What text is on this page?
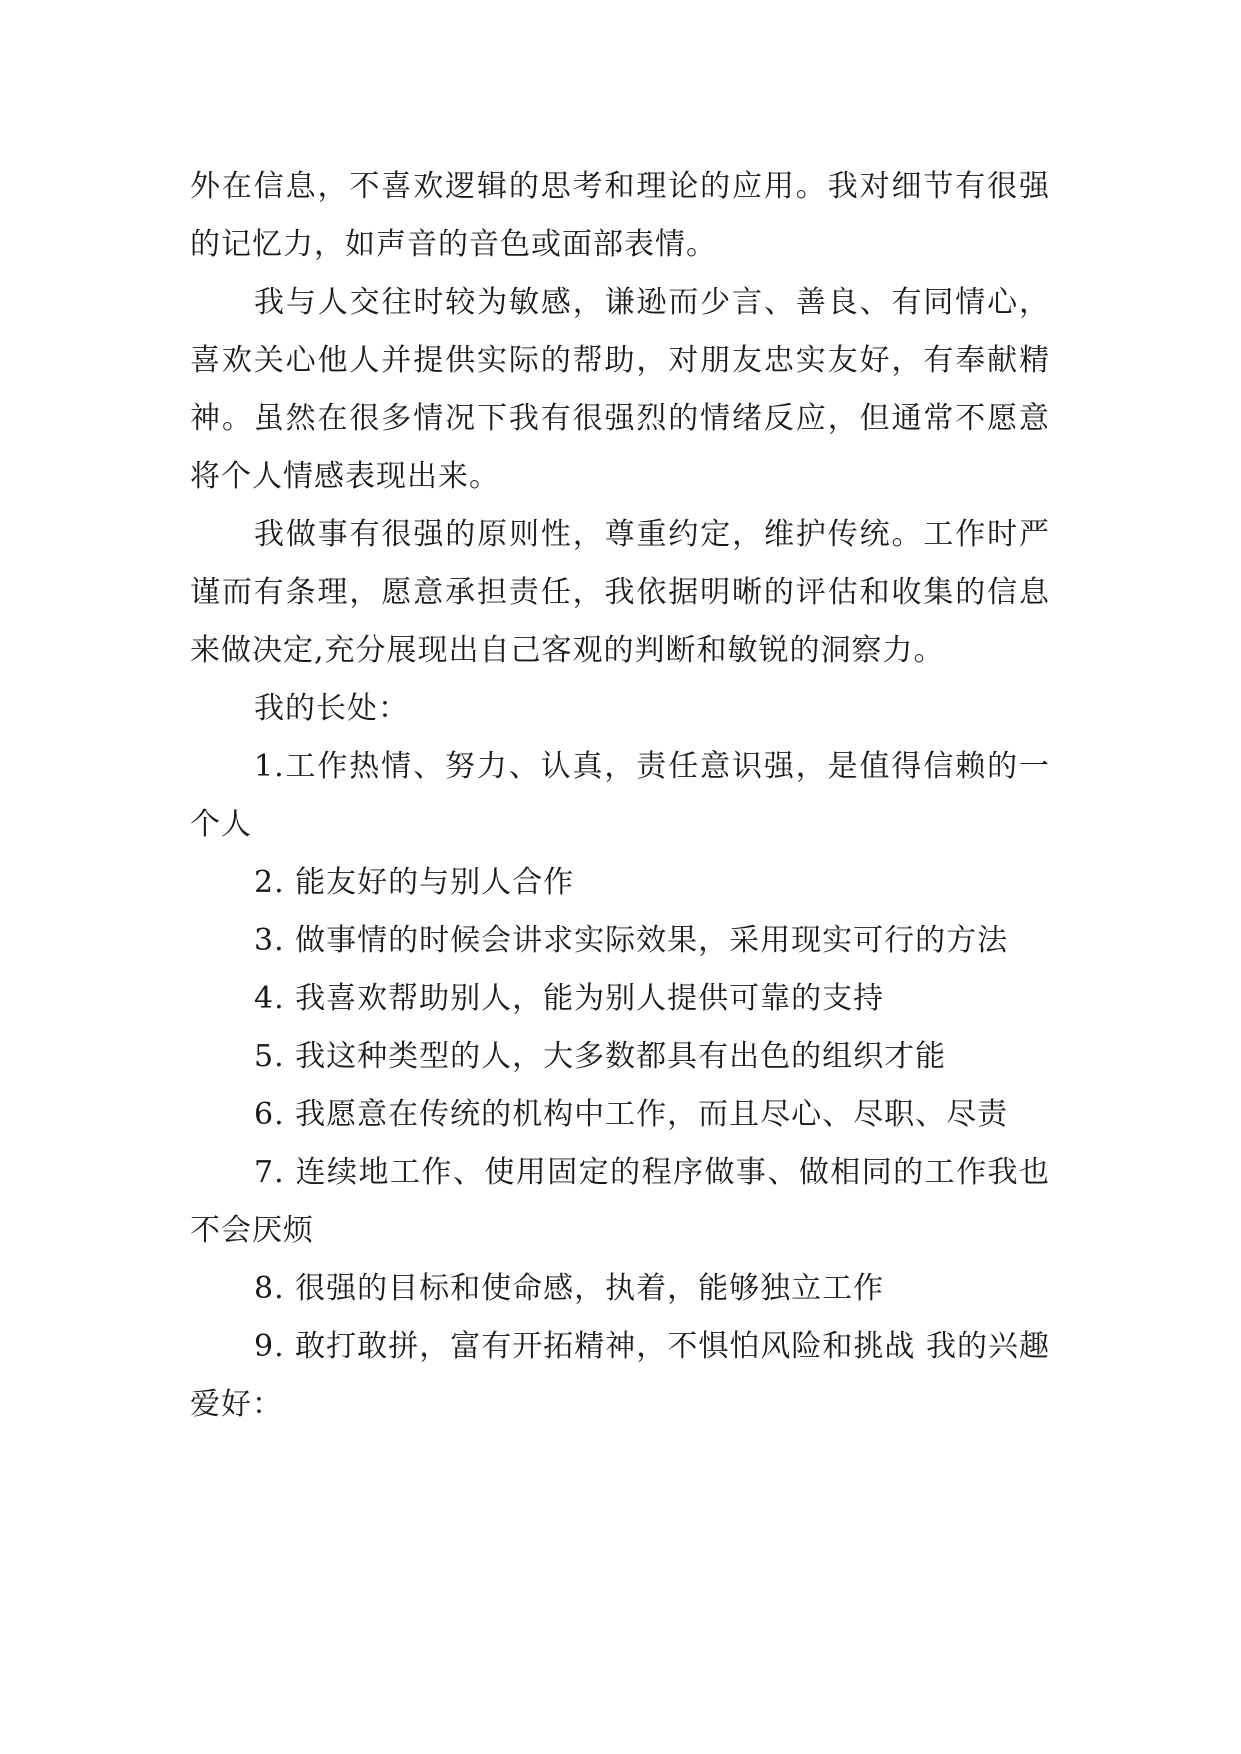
外在信息，不喜欢逻辑的思考和理论的应用。我对细节有很强的记忆力，如声音的音色或面部表情。

我与人交往时较为敏感，谦逊而少言、善良、有同情心，喜欢关心他人并提供实际的帮助，对朋友忠实友好，有奉献精神。虽然在很多情况下我有很强烈的情绪反应，但通常不愿意将个人情感表现出来。

我做事有很强的原则性，尊重约定，维护传统。工作时严谨而有条理，愿意承担责任，我依据明晰的评估和收集的信息来做决定,充分展现出自己客观的判断和敏锐的洞察力。

我的长处：

1.工作热情、努力、认真，责任意识强，是值得信赖的一个人

2. 能友好的与别人合作

3. 做事情的时候会讲求实际效果，采用现实可行的方法

4. 我喜欢帮助别人，能为别人提供可靠的支持

5. 我这种类型的人，大多数都具有出色的组织才能

6. 我愿意在传统的机构中工作，而且尽心、尽职、尽责

7. 连续地工作、使用固定的程序做事、做相同的工作我也不会厌烦

8. 很强的目标和使命感，执着，能够独立工作

9. 敢打敢拼，富有开拓精神，不惧怕风险和挑战 我的兴趣爱好：
